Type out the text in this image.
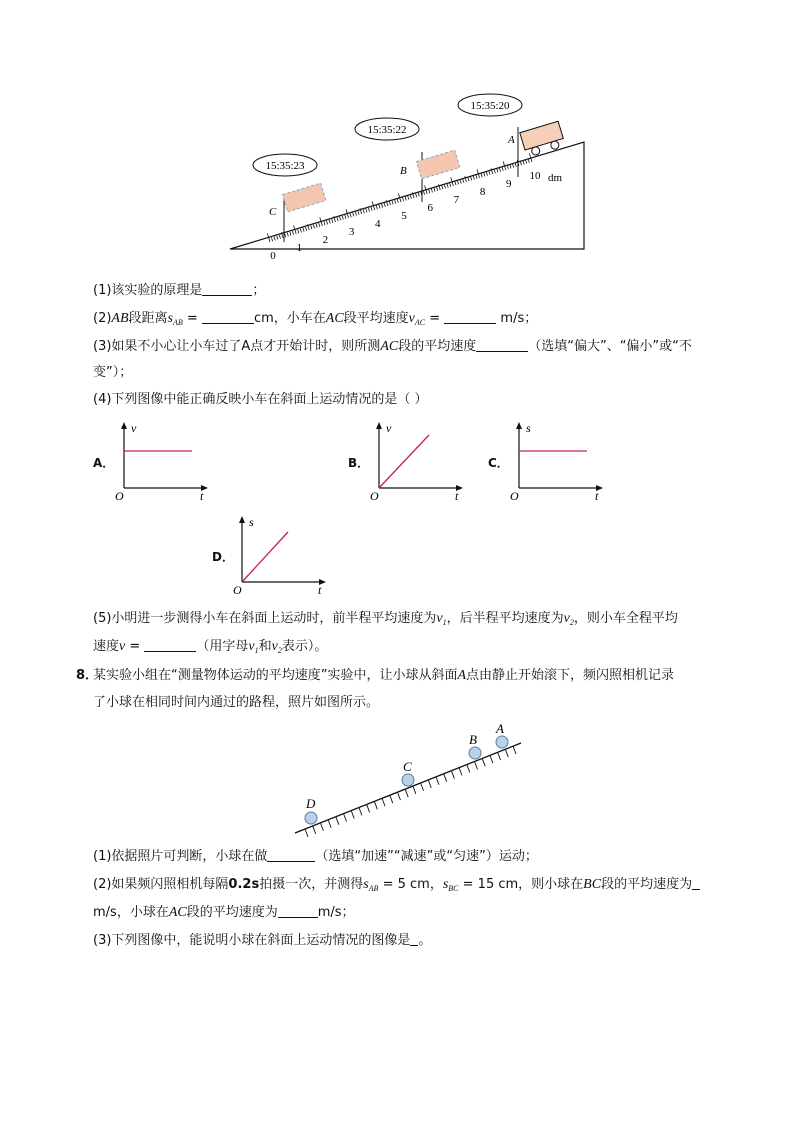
15:35:23
15:35:22
15:35:20
C
B
A
dm
0
1
2
3
4
5
6
7
8
9
10
(1)该实验的原理是	；
(2)AB段距离$s_{AB}$ =	cm，小车在AC段平均速度$v_{AC}$ =	m/s；
(3)如果不小心让小车过了A点才开始计时，则所测AC段的平均速度	（选填“偏大”、“偏小”或“不
变”）；
(4)下列图像中能正确反映小车在斜面上运动情况的是（ ）
A．
v
t
O
B．
v
t
O
C．
s
t
O
D．
s
t
O
(5)小明进一步测得小车在斜面上运动时，前半程平均速度为$v_1$，后半程平均速度为$v_2$，则小车全程平均
速度v =	（用字母$v_1$和$v_2$表示）。
8．
某实验小组在“测量物体运动的平均速度”实验中，让小球从斜面A点由静止开始滚下，频闪照相机记录
了小球在相同时间内通过的路程，照片如图所示。
D
C
B
A
(1)依据照片可判断，小球在做	（选填“加速”“减速”或“匀速”）运动；
(2)如果频闪照相机每隔0.2s拍摄一次，并测得$s_{AB} = 5$ cm，$s_{BC} = 15$ cm，则小球在BC段的平均速度为
m/s，小球在AC段的平均速度为	m/s；
(3)下列图像中，能说明小球在斜面上运动情况的图像是 。
